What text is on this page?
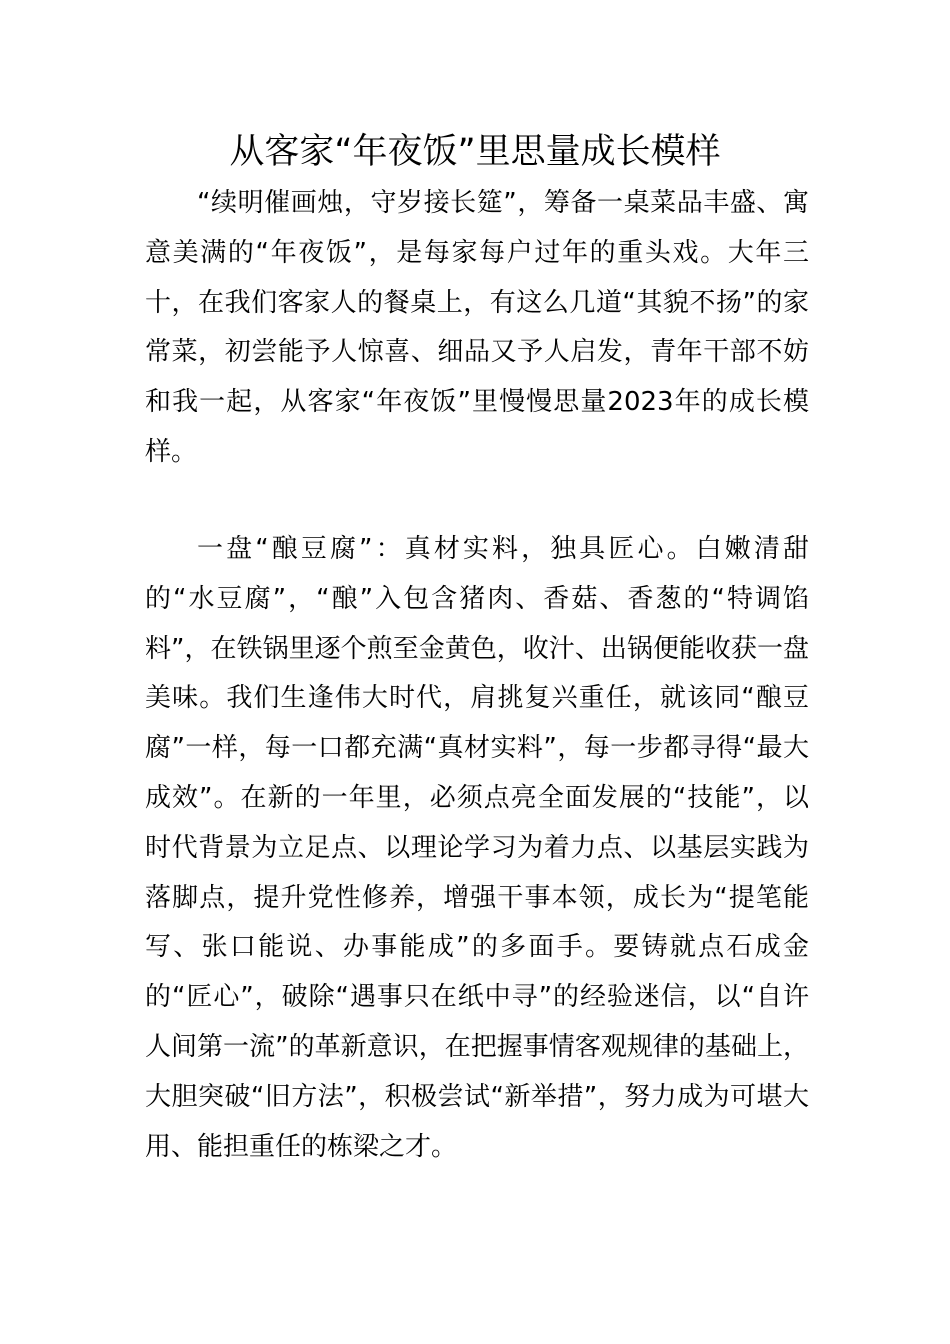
从客家“年夜饭”里思量成长模样

“续明催画烛，守岁接长筵”，筹备一桌菜品丰盛、寓意美满的“年夜饭”，是每家每户过年的重头戏。大年三十，在我们客家人的餐桌上，有这么几道“其貌不扬”的家常菜，初尝能予人惊喜、细品又予人启发，青年干部不妨和我一起，从客家“年夜饭”里慢慢思量2023年的成长模样。

一盘“酿豆腐”：真材实料，独具匠心。白嫩清甜的“水豆腐”，“酿”入包含猪肉、香菇、香葱的“特调馅料”，在铁锅里逐个煎至金黄色，收汁、出锅便能收获一盘美味。我们生逢伟大时代，肩挑复兴重任，就该同“酿豆腐”一样，每一口都充满“真材实料”，每一步都寻得“最大成效”。在新的一年里，必须点亮全面发展的“技能”，以时代背景为立足点、以理论学习为着力点、以基层实践为落脚点，提升党性修养，增强干事本领，成长为“提笔能写、张口能说、办事能成”的多面手。要铸就点石成金的“匠心”，破除“遇事只在纸中寻”的经验迷信，以“自许人间第一流”的革新意识，在把握事情客观规律的基础上，大胆突破“旧方法”，积极尝试“新举措”，努力成为可堪大用、能担重任的栋梁之才。
